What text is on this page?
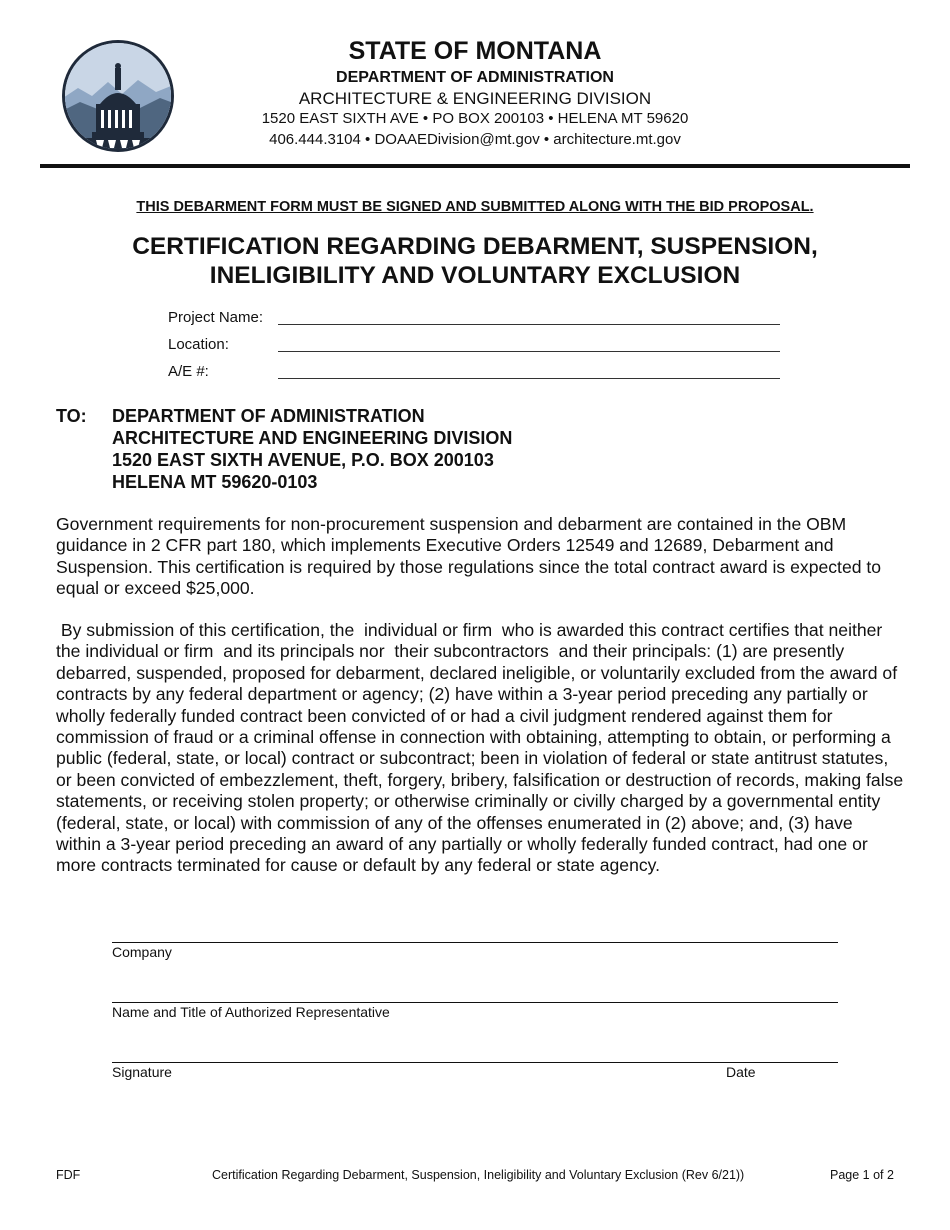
STATE OF MONTANA
DEPARTMENT OF ADMINISTRATION
ARCHITECTURE & ENGINEERING DIVISION
1520 EAST SIXTH AVE • PO BOX 200103 • HELENA MT 59620
406.444.3104 • DOAAEDivision@mt.gov • architecture.mt.gov
THIS DEBARMENT FORM MUST BE SIGNED AND SUBMITTED ALONG WITH THE BID PROPOSAL.
CERTIFICATION REGARDING DEBARMENT, SUSPENSION,
INELIGIBILITY AND VOLUNTARY EXCLUSION
Project Name:
Location:
A/E #:
TO: DEPARTMENT OF ADMINISTRATION
ARCHITECTURE AND ENGINEERING DIVISION
1520 EAST SIXTH AVENUE, P.O. BOX 200103
HELENA MT 59620-0103
Government requirements for non-procurement suspension and debarment are contained in the OBM guidance in 2 CFR part 180, which implements Executive Orders 12549 and 12689, Debarment and Suspension. This certification is required by those regulations since the total contract award is expected to equal or exceed $25,000.
By submission of this certification, the  individual or firm  who is awarded this contract certifies that neither the individual or firm  and its principals nor  their subcontractors  and their principals: (1) are presently debarred, suspended, proposed for debarment, declared ineligible, or voluntarily excluded from the award of contracts by any federal department or agency; (2) have within a 3-year period preceding any partially or wholly federally funded contract been convicted of or had a civil judgment rendered against them for commission of fraud or a criminal offense in connection with obtaining, attempting to obtain, or performing a public (federal, state, or local) contract or subcontract; been in violation of federal or state antitrust statutes, or been convicted of embezzlement, theft, forgery, bribery, falsification or destruction of records, making false statements, or receiving stolen property; or otherwise criminally or civilly charged by a governmental entity (federal, state, or local) with commission of any of the offenses enumerated in (2) above; and, (3) have  within a 3-year period preceding an award of any partially or wholly federally funded contract, had one or more contracts terminated for cause or default by any federal or state agency.
Company
Name and Title of Authorized Representative
Signature	Date
FDF	Certification Regarding Debarment, Suspension, Ineligibility and Voluntary Exclusion (Rev 6/21))	Page 1 of 2
